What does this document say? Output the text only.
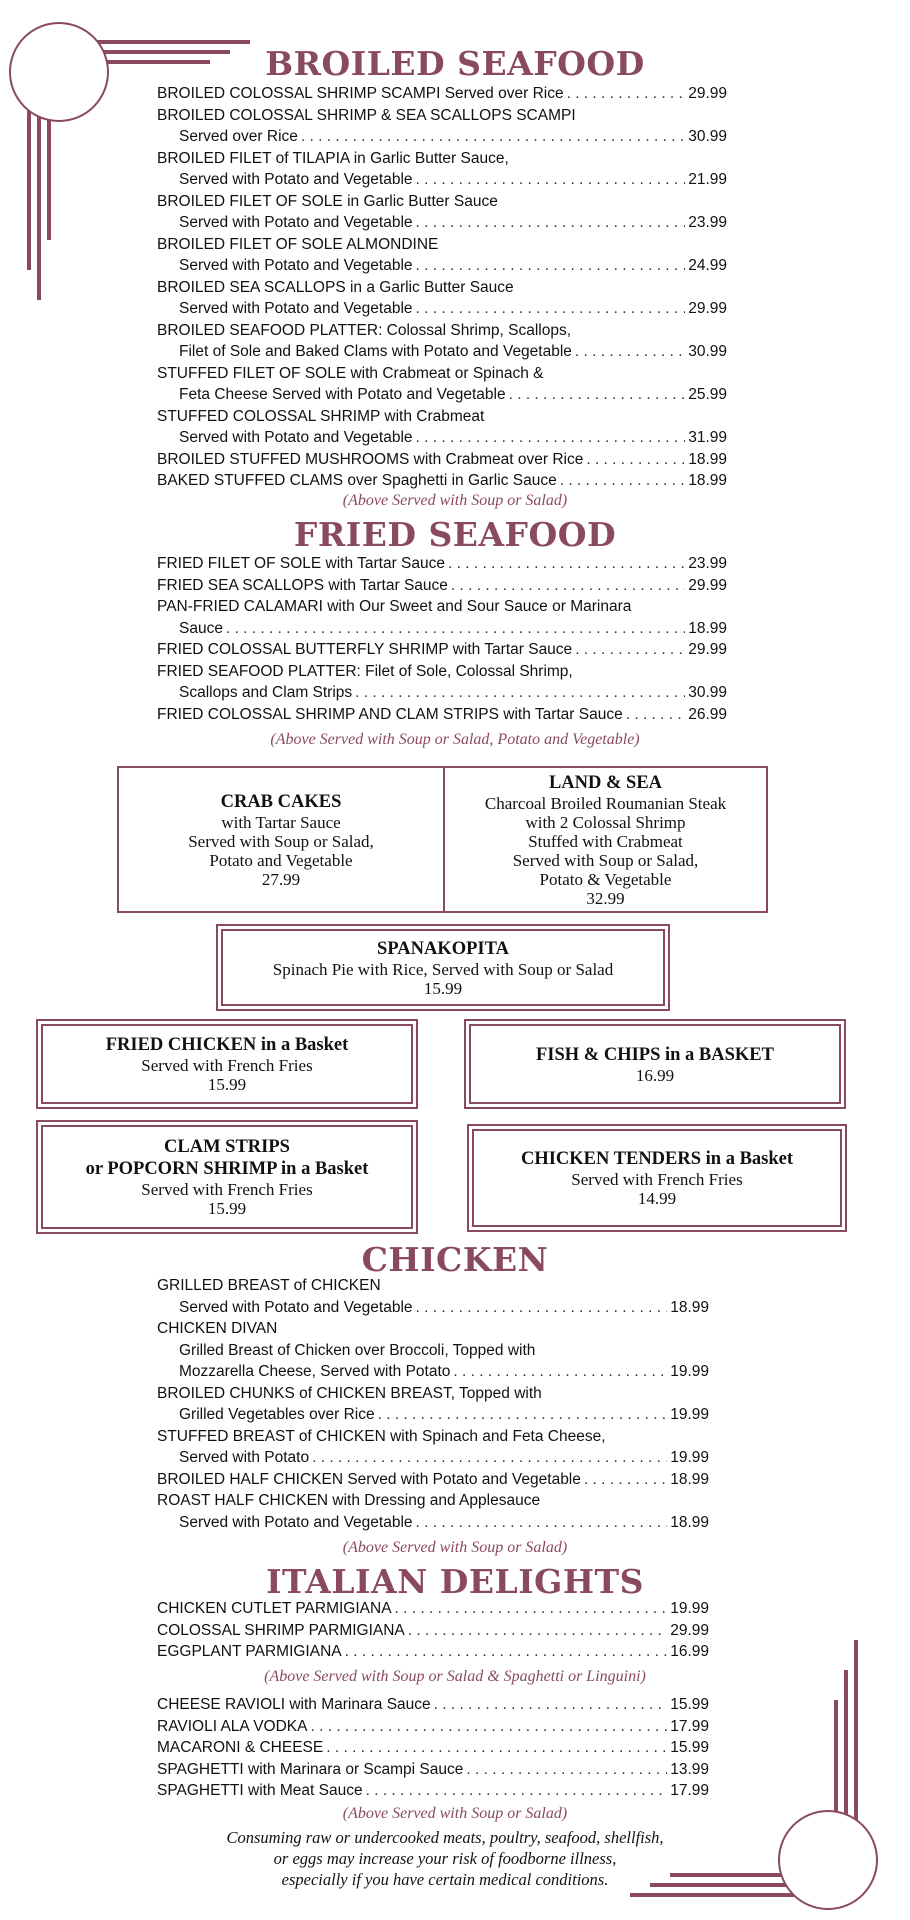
BROILED SEAFOOD
BROILED COLOSSAL SHRIMP SCAMPI Served over Rice . . .	29.99
BROILED COLOSSAL SHRIMP & SEA SCALLOPS SCAMPI
Served over Rice . . .	30.99
BROILED FILET of TILAPIA in Garlic Butter Sauce,
Served with Potato and Vegetable . . .	21.99
BROILED FILET OF SOLE in Garlic Butter Sauce
Served with Potato and Vegetable . . .	23.99
BROILED FILET OF SOLE ALMONDINE
Served with Potato and Vegetable . . .	24.99
BROILED SEA SCALLOPS in a Garlic Butter Sauce
Served with Potato and Vegetable . . .	29.99
BROILED SEAFOOD PLATTER: Colossal Shrimp, Scallops,
Filet of Sole and Baked Clams with Potato and Vegetable . . .	30.99
STUFFED FILET OF SOLE with Crabmeat or Spinach &
Feta Cheese Served with Potato and Vegetable . . .	25.99
STUFFED COLOSSAL SHRIMP with Crabmeat
Served with Potato and Vegetable . . .	31.99
BROILED STUFFED MUSHROOMS with Crabmeat over Rice . . .	18.99
BAKED STUFFED CLAMS over Spaghetti in Garlic Sauce . . .	18.99
(Above Served with Soup or Salad)
FRIED SEAFOOD
FRIED FILET OF SOLE with Tartar Sauce . . .	23.99
FRIED SEA SCALLOPS with Tartar Sauce . . .	29.99
PAN-FRIED CALAMARI with Our Sweet and Sour Sauce or Marinara
Sauce . . .	18.99
FRIED COLOSSAL BUTTERFLY SHRIMP with Tartar Sauce . . .	29.99
FRIED SEAFOOD PLATTER: Filet of Sole, Colossal Shrimp,
Scallops and Clam Strips . . .	30.99
FRIED COLOSSAL SHRIMP AND CLAM STRIPS with Tartar Sauce . . .	26.99
(Above Served with Soup or Salad, Potato and Vegetable)
CRAB CAKES
with Tartar Sauce
Served with Soup or Salad,
Potato and Vegetable
27.99
LAND & SEA
Charcoal Broiled Roumanian Steak
with 2 Colossal Shrimp
Stuffed with Crabmeat
Served with Soup or Salad,
Potato & Vegetable
32.99
SPANAKOPITA
Spinach Pie with Rice, Served with Soup or Salad
15.99
FRIED CHICKEN in a Basket
Served with French Fries
15.99
FISH & CHIPS in a BASKET
16.99
CLAM STRIPS
or POPCORN SHRIMP in a Basket
Served with French Fries
15.99
CHICKEN TENDERS in a Basket
Served with French Fries
14.99
CHICKEN
GRILLED BREAST of CHICKEN
Served with Potato and Vegetable . . .	18.99
CHICKEN DIVAN
Grilled Breast of Chicken over Broccoli, Topped with
Mozzarella Cheese, Served with Potato . . .	19.99
BROILED CHUNKS of CHICKEN BREAST, Topped with
Grilled Vegetables over Rice . . .	19.99
STUFFED BREAST of CHICKEN with Spinach and Feta Cheese,
Served with Potato . . .	19.99
BROILED HALF CHICKEN Served with Potato and Vegetable . . .	18.99
ROAST HALF CHICKEN with Dressing and Applesauce
Served with Potato and Vegetable . . .	18.99
(Above Served with Soup or Salad)
ITALIAN DELIGHTS
CHICKEN CUTLET PARMIGIANA . . .	19.99
COLOSSAL SHRIMP PARMIGIANA . . .	29.99
EGGPLANT PARMIGIANA . . .	16.99
(Above Served with Soup or Salad & Spaghetti or Linguini)
CHEESE RAVIOLI with Marinara Sauce . . .	15.99
RAVIOLI ALA VODKA . . .	17.99
MACARONI & CHEESE . . .	15.99
SPAGHETTI with Marinara or Scampi Sauce . . .	13.99
SPAGHETTI with Meat Sauce . . .	17.99
(Above Served with Soup or Salad)
Consuming raw or undercooked meats, poultry, seafood, shellfish,
or eggs may increase your risk of foodborne illness,
especially if you have certain medical conditions.
